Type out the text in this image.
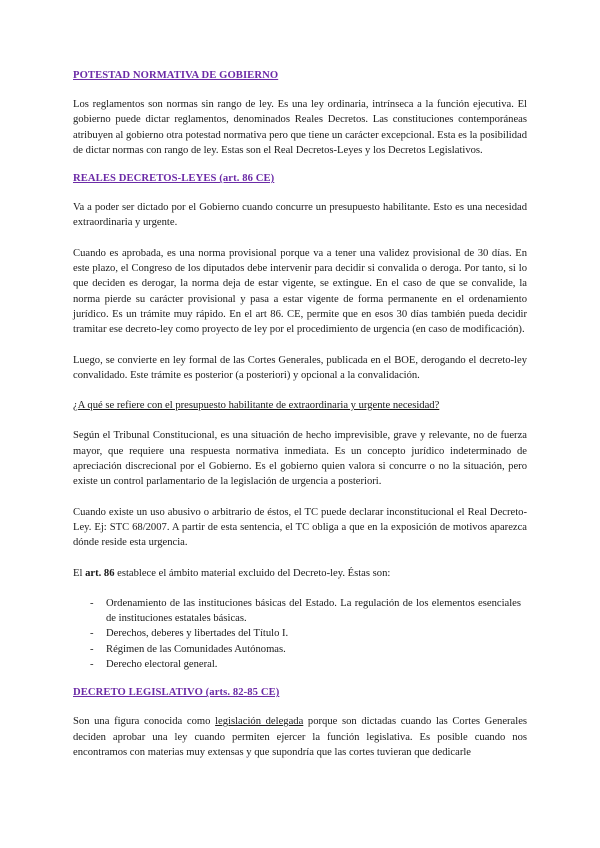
POTESTAD NORMATIVA DE GOBIERNO

Los reglamentos son normas sin rango de ley. Es una ley ordinaria, intrínseca a la función ejecutiva. El gobierno puede dictar reglamentos, denominados Reales Decretos. Las constituciones contemporáneas atribuyen al gobierno otra potestad normativa pero que tiene un carácter excepcional. Esta es la posibilidad de dictar normas con rango de ley. Estas son el Real Decretos-Leyes y los Decretos Legislativos.

REALES DECRETOS-LEYES (art. 86 CE)

Va a poder ser dictado por el Gobierno cuando concurre un presupuesto habilitante. Esto es una necesidad extraordinaria y urgente.

Cuando es aprobada, es una norma provisional porque va a tener una validez provisional de 30 días. En este plazo, el Congreso de los diputados debe intervenir para decidir si convalida o deroga. Por tanto, si lo que deciden es derogar, la norma deja de estar vigente, se extingue. En el caso de que se convalide, la norma pierde su carácter provisional y pasa a estar vigente de forma permanente en el ordenamiento jurídico. Es un trámite muy rápido. En el art 86. CE, permite que en esos 30 días también pueda decidir tramitar ese decreto-ley como proyecto de ley por el procedimiento de urgencia (en caso de modificación).

Luego, se convierte en ley formal de las Cortes Generales, publicada en el BOE, derogando el decreto-ley convalidado. Este trámite es posterior (a posteriori) y opcional a la convalidación.

¿A qué se refiere con el presupuesto habilitante de extraordinaria y urgente necesidad?

Según el Tribunal Constitucional, es una situación de hecho imprevisible, grave y relevante, no de fuerza mayor, que requiere una respuesta normativa inmediata. Es un concepto jurídico indeterminado de apreciación discrecional por el Gobierno. Es el gobierno quien valora si concurre o no la situación, pero existe un control parlamentario de la legislación de urgencia a posteriori.

Cuando existe un uso abusivo o arbitrario de éstos, el TC puede declarar inconstitucional el Real Decreto-Ley. Ej: STC 68/2007. A partir de esta sentencia, el TC obliga a que en la exposición de motivos aparezca dónde reside esta urgencia.

El art. 86 establece el ámbito material excluido del Decreto-ley. Éstas son:

- Ordenamiento de las instituciones básicas del Estado. La regulación de los elementos esenciales de instituciones estatales básicas.
- Derechos, deberes y libertades del Título I.
- Régimen de las Comunidades Autónomas.
- Derecho electoral general.
DECRETO LEGISLATIVO (arts. 82-85 CE)

Son una figura conocida como legislación delegada porque son dictadas cuando las Cortes Generales deciden aprobar una ley cuando permiten ejercer la función legislativa. Es posible cuando nos encontramos con materias muy extensas y que supondría que las cortes tuvieran que dedicarle
